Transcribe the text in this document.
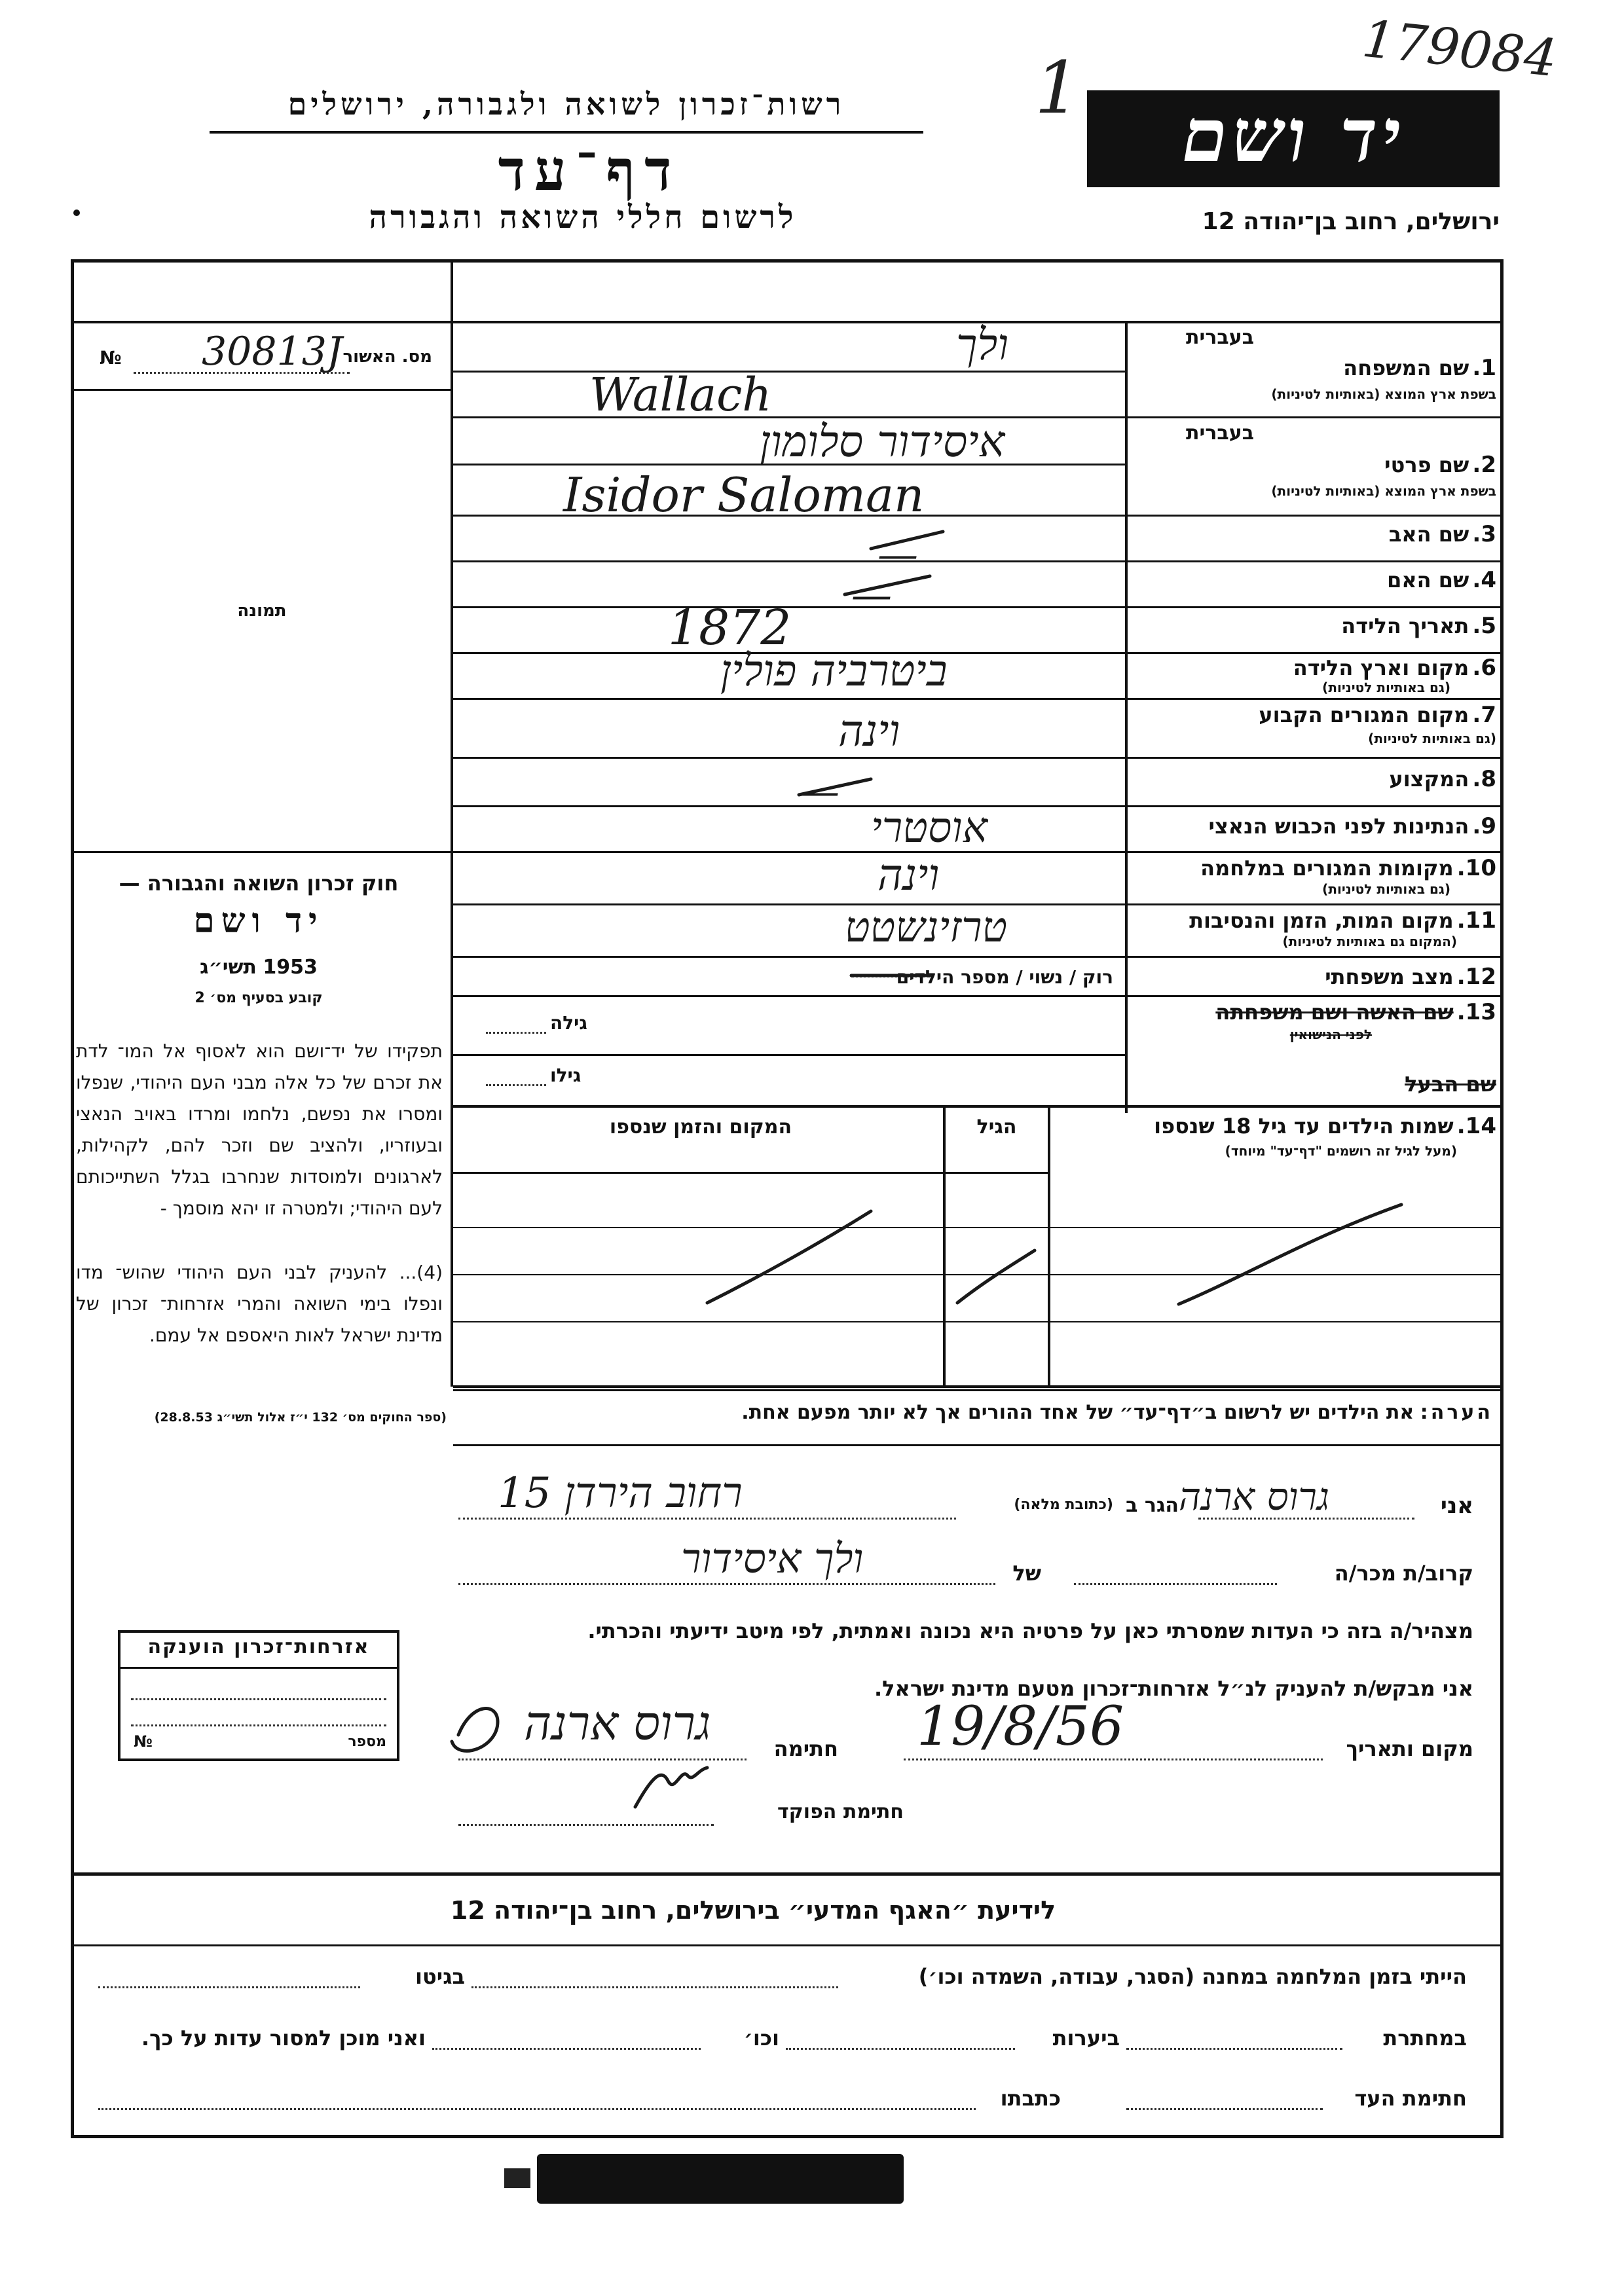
179084
1
רשות־זכרון לשואה ולגבורה, ירושלים
דף־עד
לרשום חללי השואה והגבורה
יד ושם
ירושלים, רחוב בן־יהודה 12
מס. האשור
№ 30813J
תמונה
חוק זכרון השואה והגבורה —
יד ושם
תשי״ג 1953
קובע בסעיף מס׳ 2
תפקידו של יד־ושם הוא לאסוף אל המו־ לדת את זכרם של כל אלה מבני העם היהודי, שנפלו ומסרו את נפשם, נלחמו ומרדו באויב הנאצי ובעוזריו, ולהציב שם וזכר להם, לקהילות, לארגונים ולמוסדות שנחרבו בגלל השתייכותם לעם היהודי; ולמטרה זו יהא מוסמך -
(4)... להעניק לבני העם היהודי שהוש־ מדו ונפלו בימי השואה והמרי אזרחות־ זכרון של מדינת ישראל לאות היאספם אל עמם.
(ספר החוקים מס׳ 132 י״ז אלול תשי״ג 28.8.53)
אזרחות־זכרון הוענקה
מספר
№
בעברית
1. שם המשפחה
בשפת ארץ המוצא (באותיות לטיניות)
ולך
Wallach
בעברית
2. שם פרטי
בשפת ארץ המוצא (באותיות לטיניות)
איסידור סלומון
Isidor Saloman
3. שם האב
—
4. שם האם
—
5. תאריך הלידה
1872
6. מקום וארץ הלידה
(גם באותיות לטיניות)
ביטרביה פולין
7. מקום המגורים הקבוע
(גם באותיות לטיניות)
וינה
8. המקצוע
—
9. הנתינות לפני הכבוש הנאצי
אוסטרי
10. מקומות המגורים במלחמה
(גם באותיות לטיניות)
וינה
11. מקום המות, הזמן והנסיבות
(המקום גם באותיות לטיניות)
טרזינשטט
12. מצב משפחתי
רוק / נשוי / מספר הילדים
13. שם האשה ושם משפחתה
לפני הנישואין
גילה
שם הבעל
גילו
14. שמות הילדים עד גיל 18 שנספו
(מעל לגיל זה רושמים "דף־עד" מיוחד)
הגיל
המקום והזמן שנספו
הערה: את הילדים יש לרשום ב״דף־עד״ של אחד ההורים אך לא יותר מפעם אחת.
אני
גרוס ארנה
הגר ב
(כתובת מלאה)
רחוב הירדן 15
קרוב/ת מכר/ה
של
ולך איסידור
מצהיר/ה בזה כי העדות שמסרתי כאן על פרטיה היא נכונה ואמתית, לפי מיטב ידיעתי והכרתי.
אני מבקש/ת להעניק לנ״ל אזרחות־זכרון מטעם מדינת ישראל.
מקום ותאריך
19/8/56
חתימה
גרוס ארנה
חתימת הפוקד
לידיעת ״האגף המדעי״ בירושלים, רחוב בן־יהודה 12
הייתי בזמן המלחמה במחנה (הסגר, עבודה, השמדה וכו׳)
בגיטו
במחתרת
ביערות
וכו׳
ואני מוכן למסור עדות על כך.
חתימת העד
כתבתו
